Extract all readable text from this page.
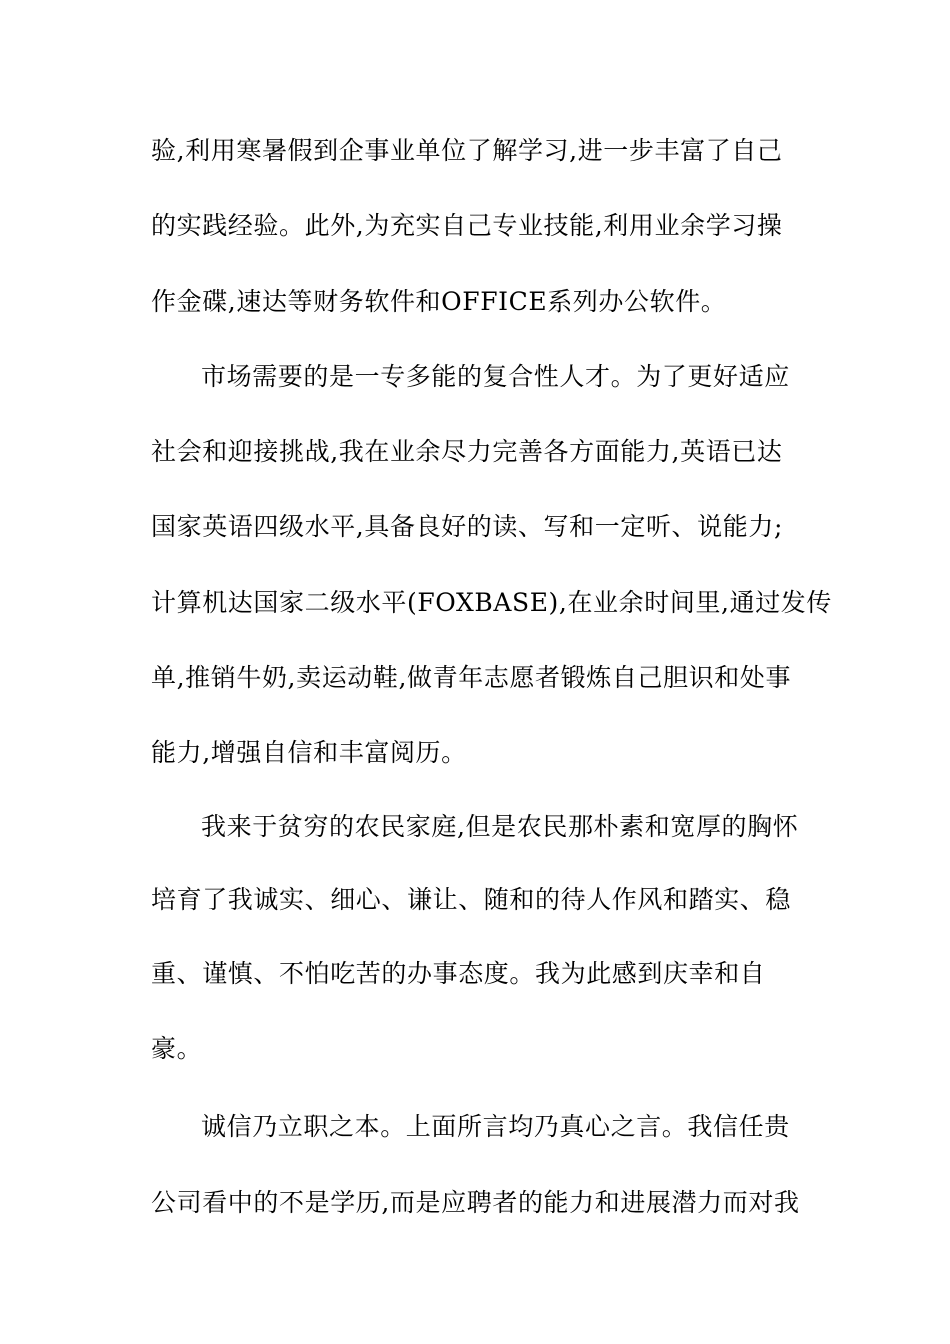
验,利用寒暑假到企事业单位了解学习,进一步丰富了自己
的实践经验。此外,为充实自己专业技能,利用业余学习操
作金碟,速达等财务软件和OFFICE系列办公软件。
市场需要的是一专多能的复合性人才。为了更好适应
社会和迎接挑战,我在业余尽力完善各方面能力,英语已达
国家英语四级水平,具备良好的读、写和一定听、说能力;
计算机达国家二级水平(FOXBASE),在业余时间里,通过发传
单,推销牛奶,卖运动鞋,做青年志愿者锻炼自己胆识和处事
能力,增强自信和丰富阅历。
我来于贫穷的农民家庭,但是农民那朴素和宽厚的胸怀
培育了我诚实、细心、谦让、随和的待人作风和踏实、稳
重、谨慎、不怕吃苦的办事态度。我为此感到庆幸和自
豪。
诚信乃立职之本。上面所言均乃真心之言。我信任贵
公司看中的不是学历,而是应聘者的能力和进展潜力而对我
